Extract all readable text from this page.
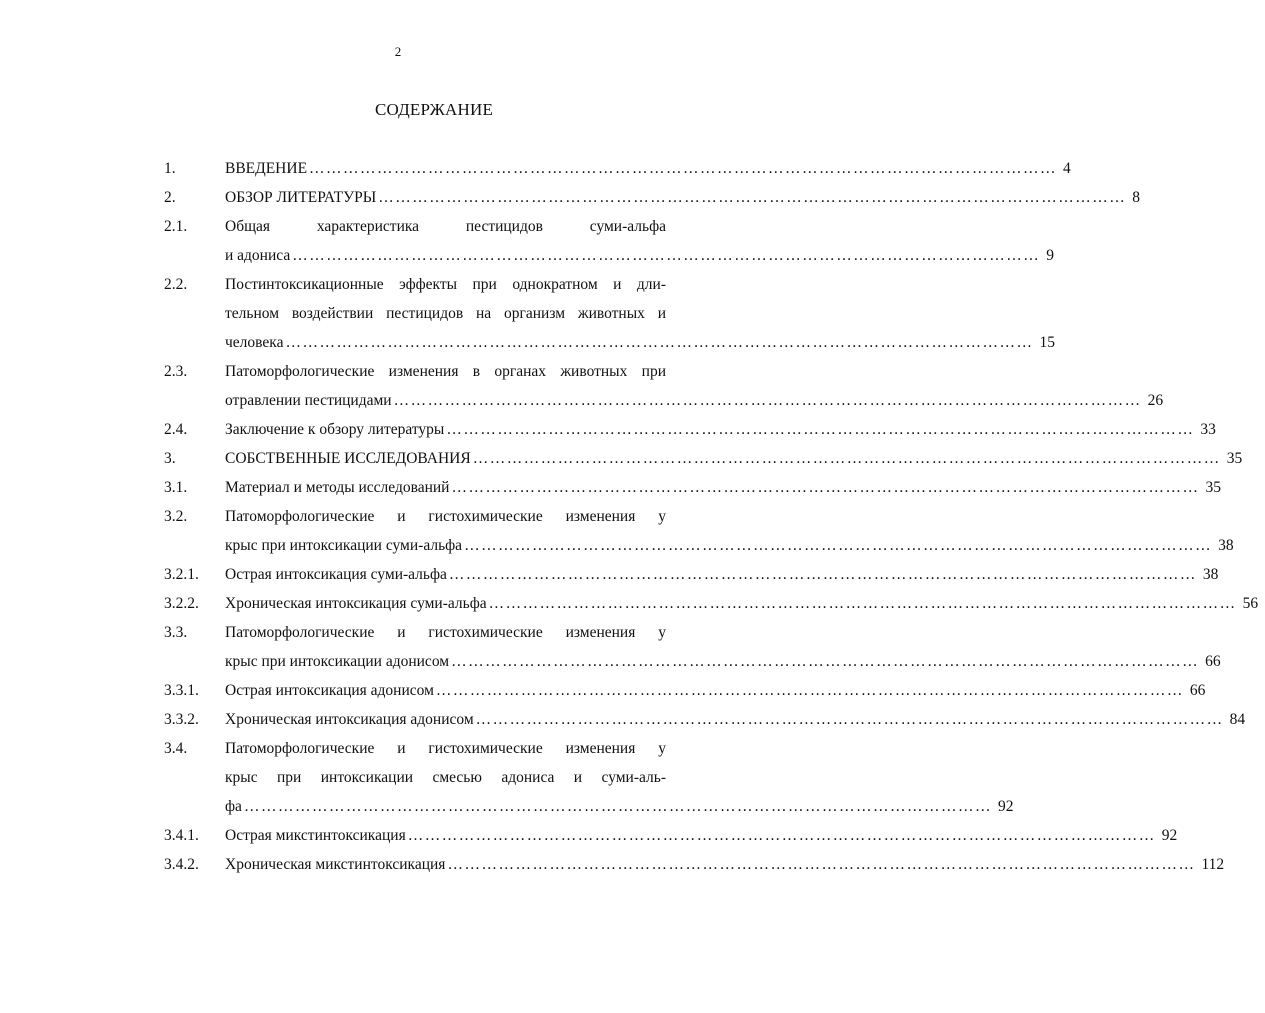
2
СОДЕРЖАНИЕ
1.	ВВЕДЕНИЕ …………………………………………………………………………………………………………………… 4
2.	ОБЗОР ЛИТЕРАТУРЫ …………………………………………………………………………………………………………………… 8
2.1. Общая характеристика пестицидов суми-альфа
и адониса …………………………………………………………………………………………………………………… 9
2.2. Постинтоксикационные эффекты при однократном и дли-
тельном воздействии пестицидов на организм животных и
человека …………………………………………………………………………………………………………………… 15
2.3. Патоморфологические изменения в органах животных при
отравлении пестицидами …………………………………………………………………………………………………………………… 26
2.4. Заключение к обзору литературы …………………………………………………………………………………………………………………… 33
3.	СОБСТВЕННЫЕ ИССЛЕДОВАНИЯ …………………………………………………………………………………………………………………… 35
3.1. Материал и методы исследований …………………………………………………………………………………………………………………… 35
3.2. Патоморфологические и гистохимические изменения у
крыс при интоксикации суми-альфа …………………………………………………………………………………………………………………… 38
3.2.1. Острая интоксикация суми-альфа …………………………………………………………………………………………………………………… 38
3.2.2. Хроническая интоксикация суми-альфа …………………………………………………………………………………………………………………… 56
3.3. Патоморфологические и гистохимические изменения у
крыс при интоксикации адонисом …………………………………………………………………………………………………………………… 66
3.3.1. Острая интоксикация адонисом …………………………………………………………………………………………………………………… 66
3.3.2. Хроническая интоксикация адонисом …………………………………………………………………………………………………………………… 84
3.4. Патоморфологические и гистохимические изменения у
крыс при интоксикации смесью адониса и суми-аль-
фа …………………………………………………………………………………………………………………… 92
3.4.1. Острая микстинтоксикация …………………………………………………………………………………………………………………… 92
3.4.2. Хроническая микстинтоксикация …………………………………………………………………………………………………………………… 112
